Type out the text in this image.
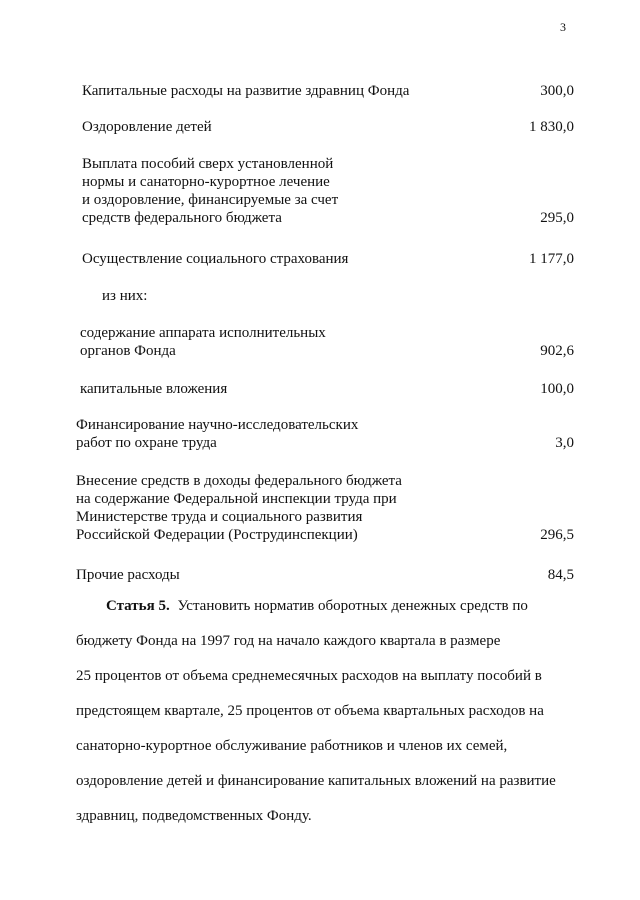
3
Капитальные расходы на развитие здравниц Фонда	300,0
Оздоровление детей	1 830,0
Выплата пособий сверх установленной
нормы и санаторно-курортное лечение
и оздоровление, финансируемые за счет
средств федерального бюджета	295,0
Осуществление социального страхования	1 177,0
из них:
содержание аппарата исполнительных
органов Фонда	902,6
капитальные вложения	100,0
Финансирование научно-исследовательских
работ по охране труда	3,0
Внесение средств в доходы федерального бюджета
на содержание Федеральной инспекции труда при
Министерстве труда и социального развития
Российской Федерации (Рострудинспекции)	296,5
Прочие расходы	84,5
Статья 5. Установить норматив оборотных денежных средств по
бюджету Фонда на 1997 год на начало каждого квартала в размере
25 процентов от объема среднемесячных расходов на выплату пособий в
предстоящем квартале, 25 процентов от объема квартальных расходов на
санаторно-курортное обслуживание работников и членов их семей,
оздоровление детей и финансирование капитальных вложений на развитие
здравниц, подведомственных Фонду.
